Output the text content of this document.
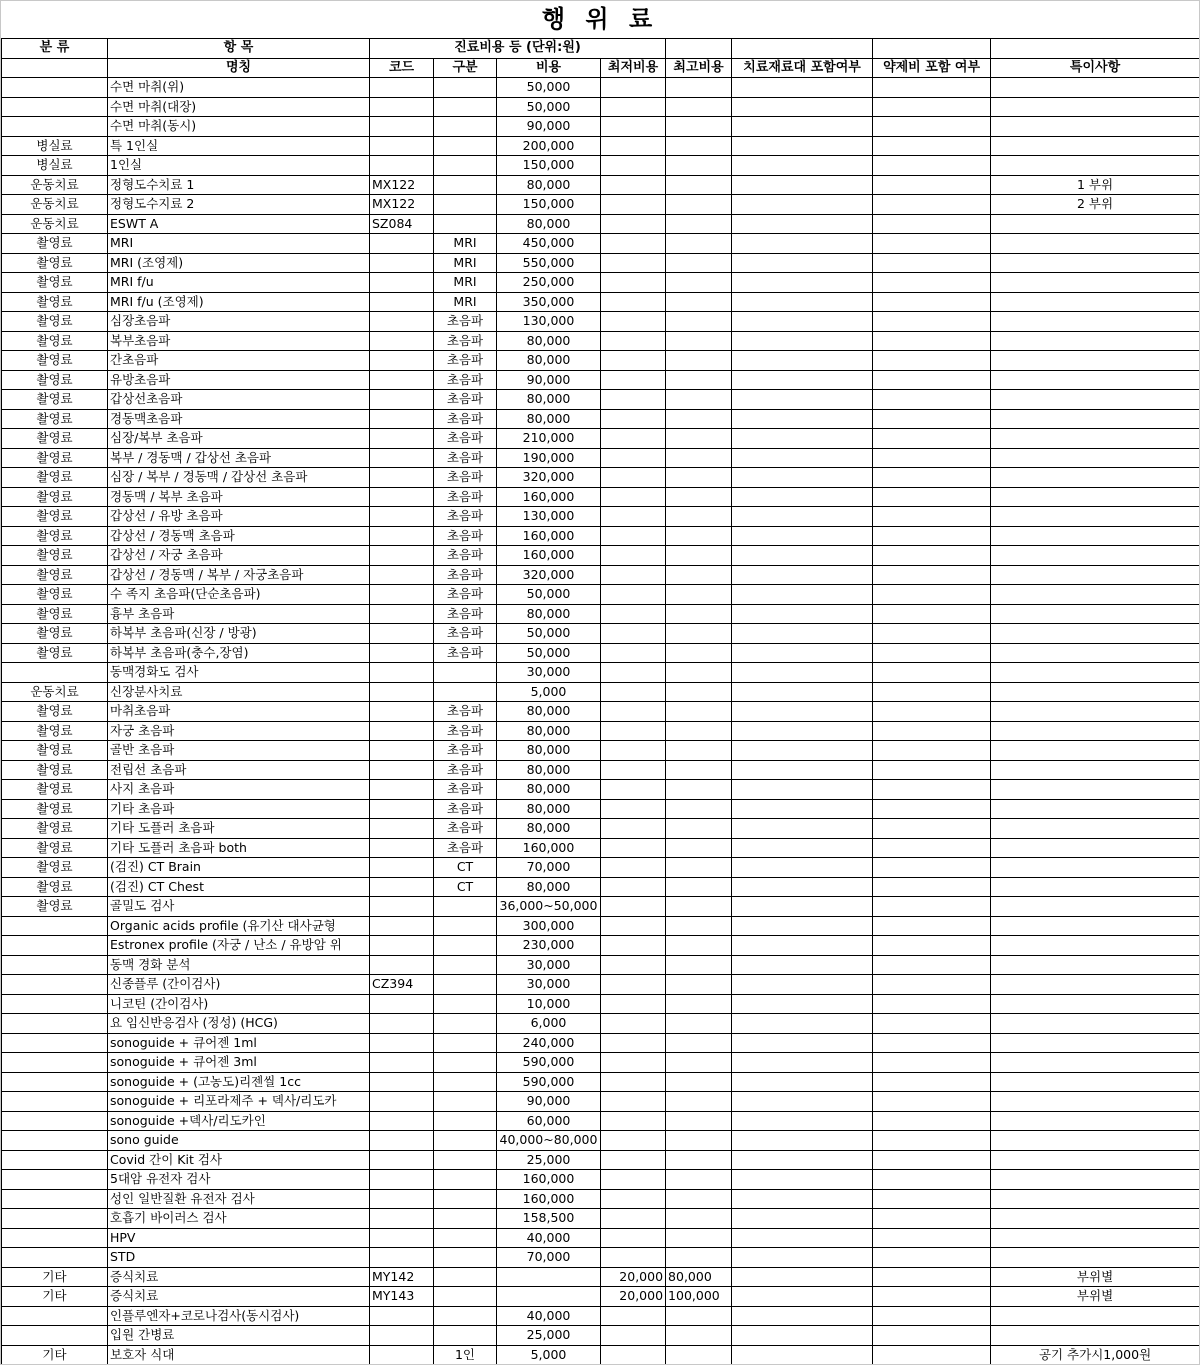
행 위 료
분 류	항 목	진료비용 등 (단위:원)							
	명칭	코드	구분	비용	최저비용	최고비용	치료재료대 포함여부	약제비 포함 여부	특이사항
	수면 마취(위)			50,000					
	수면 마취(대장)			50,000					
	수면 마취(동시)			90,000					
병실료	특 1인실			200,000					
병실료	1인실			150,000					
운동치료	정형도수치료 1	MX122		80,000					1 부위
운동치료	정형도수지료 2	MX122		150,000					2 부위
운동치료	ESWT A	SZ084		80,000					
촬영료	MRI		MRI	450,000					
촬영료	MRI (조영제)		MRI	550,000					
촬영료	MRI f/u		MRI	250,000					
촬영료	MRI f/u (조영제)		MRI	350,000					
촬영료	심장초음파		초음파	130,000					
촬영료	복부초음파		초음파	80,000					
촬영료	간초음파		초음파	80,000					
촬영료	유방초음파		초음파	90,000					
촬영료	갑상선초음파		초음파	80,000					
촬영료	경동맥초음파		초음파	80,000					
촬영료	심장/복부 초음파		초음파	210,000					
촬영료	복부 / 경동맥 / 갑상선 초음파		초음파	190,000					
촬영료	심장 / 복부 / 경동맥 / 갑상선 초음파		초음파	320,000					
촬영료	경동맥 / 복부 초음파		초음파	160,000					
촬영료	갑상선 / 유방 초음파		초음파	130,000					
촬영료	갑상선 / 경동맥 초음파		초음파	160,000					
촬영료	갑상선 / 자궁 초음파		초음파	160,000					
촬영료	갑상선 / 경동맥 / 복부 / 자궁초음파		초음파	320,000					
촬영료	수 족지 초음파(단순초음파)		초음파	50,000					
촬영료	흉부 초음파		초음파	80,000					
촬영료	하복부 초음파(신장 / 방광)		초음파	50,000					
촬영료	하복부 초음파(충수,장염)		초음파	50,000					
	동맥경화도 검사			30,000					
운동치료	신장분사치료			5,000					
촬영료	마취초음파		초음파	80,000					
촬영료	자궁 초음파		초음파	80,000					
촬영료	골반 초음파		초음파	80,000					
촬영료	전립선 초음파		초음파	80,000					
촬영료	사지 초음파		초음파	80,000					
촬영료	기타 초음파		초음파	80,000					
촬영료	기타 도플러 초음파		초음파	80,000					
촬영료	기타 도플러 초음파 both		초음파	160,000					
촬영료	(검진) CT Brain		CT	70,000					
촬영료	(검진) CT Chest		CT	80,000					
촬영료	골밀도 검사			36,000~50,000					
	Organic acids profile (유기산 대사균형			300,000					
	Estronex profile (자궁 / 난소 / 유방암 위			230,000					
	동맥 경화 분석			30,000					
	신종플루 (간이검사)	CZ394		30,000					
	니코틴 (간이검사)			10,000					
	요 임신반응검사 (정성) (HCG)			6,000					
	sonoguide + 큐어젠 1ml			240,000					
	sonoguide + 큐어젠 3ml			590,000					
	sonoguide + (고농도)리젠씰 1cc			590,000					
	sonoguide + 리포라제주 + 덱사/리도카			90,000					
	sonoguide +덱사/리도카인			60,000					
	sono guide			40,000~80,000					
	Covid 간이 Kit 검사			25,000					
	5대암 유전자 검사			160,000					
	성인 일반질환 유전자 검사			160,000					
	호흡기 바이러스 검사			158,500					
	HPV			40,000					
	STD			70,000					
기타	증식치료	MY142			20,000	80,000			부위별
기타	증식치료	MY143			20,000	100,000			부위별
	인플루엔자+코로나검사(동시검사)			40,000					
	입원 간병료			25,000					
기타	보호자 식대		1인	5,000					공기 추가시1,000원
